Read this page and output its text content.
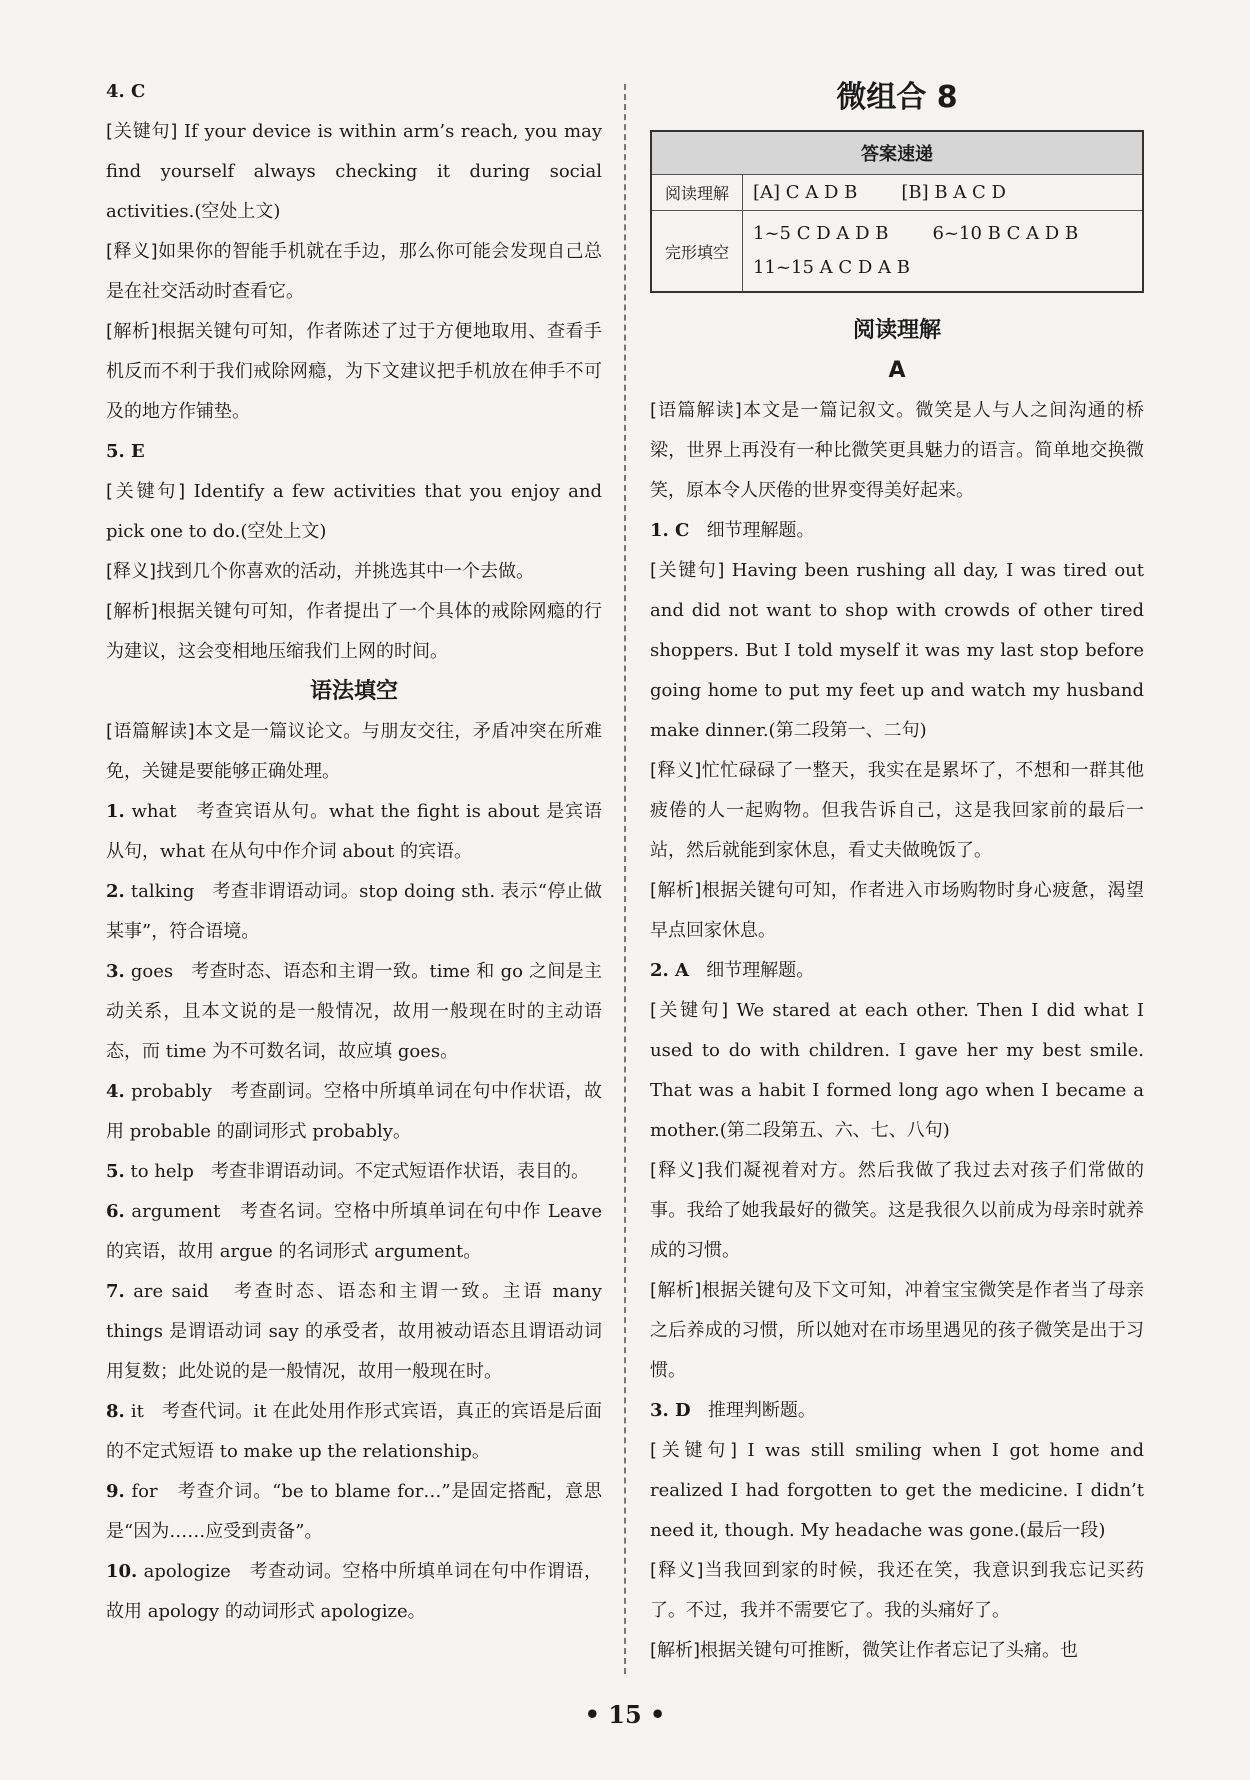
4. C

[关键句] If your device is within arm’s reach, you may find yourself always checking it during social activities.(空处上文)

[释义]如果你的智能手机就在手边，那么你可能会发现自己总是在社交活动时查看它。

[解析]根据关键句可知，作者陈述了过于方便地取用、查看手机反而不利于我们戒除网瘾，为下文建议把手机放在伸手不可及的地方作铺垫。

5. E

[关键句] Identify a few activities that you enjoy and pick one to do.(空处上文)

[释义]找到几个你喜欢的活动，并挑选其中一个去做。

[解析]根据关键句可知，作者提出了一个具体的戒除网瘾的行为建议，这会变相地压缩我们上网的时间。

语法填空

[语篇解读]本文是一篇议论文。与朋友交往，矛盾冲突在所难免，关键是要能够正确处理。

1. what 考查宾语从句。what the fight is about 是宾语从句，what 在从句中作介词 about 的宾语。

2. talking 考查非谓语动词。stop doing sth. 表示“停止做某事”，符合语境。

3. goes 考查时态、语态和主谓一致。time 和 go 之间是主动关系，且本文说的是一般情况，故用一般现在时的主动语态，而 time 为不可数名词，故应填 goes。

4. probably 考查副词。空格中所填单词在句中作状语，故用 probable 的副词形式 probably。

5. to help 考查非谓语动词。不定式短语作状语，表目的。

6. argument 考查名词。空格中所填单词在句中作 Leave 的宾语，故用 argue 的名词形式 argument。

7. are said 考查时态、语态和主谓一致。主语 many things 是谓语动词 say 的承受者，故用被动语态且谓语动词用复数；此处说的是一般情况，故用一般现在时。

8. it 考查代词。it 在此处用作形式宾语，真正的宾语是后面的不定式短语 to make up the relationship。

9. for 考查介词。“be to blame for…”是固定搭配，意思是“因为……应受到责备”。

10. apologize 考查动词。空格中所填单词在句中作谓语，故用 apology 的动词形式 apologize。

微组合 8

答案速递	
阅读理解	[A] C A D B [B] B A C D
完形填空	1~5 C D A D B 6~10 B C A D B
11~15 A C D A B

阅读理解

A

[语篇解读]本文是一篇记叙文。微笑是人与人之间沟通的桥梁，世界上再没有一种比微笑更具魅力的语言。简单地交换微笑，原本令人厌倦的世界变得美好起来。

1. C 细节理解题。

[关键句] Having been rushing all day, I was tired out and did not want to shop with crowds of other tired shoppers. But I told myself it was my last stop before going home to put my feet up and watch my husband make dinner.(第二段第一、二句)

[释义]忙忙碌碌了一整天，我实在是累坏了，不想和一群其他疲倦的人一起购物。但我告诉自己，这是我回家前的最后一站，然后就能到家休息，看丈夫做晚饭了。

[解析]根据关键句可知，作者进入市场购物时身心疲惫，渴望早点回家休息。

2. A 细节理解题。

[关键句] We stared at each other. Then I did what I used to do with children. I gave her my best smile. That was a habit I formed long ago when I became a mother.(第二段第五、六、七、八句)

[释义]我们凝视着对方。然后我做了我过去对孩子们常做的事。我给了她我最好的微笑。这是我很久以前成为母亲时就养成的习惯。

[解析]根据关键句及下文可知，冲着宝宝微笑是作者当了母亲之后养成的习惯，所以她对在市场里遇见的孩子微笑是出于习惯。

3. D 推理判断题。

[关键句] I was still smiling when I got home and realized I had forgotten to get the medicine. I didn’t need it, though. My headache was gone.(最后一段)

[释义]当我回到家的时候，我还在笑，我意识到我忘记买药了。不过，我并不需要它了。我的头痛好了。

[解析]根据关键句可推断，微笑让作者忘记了头痛。也

• 15 •
